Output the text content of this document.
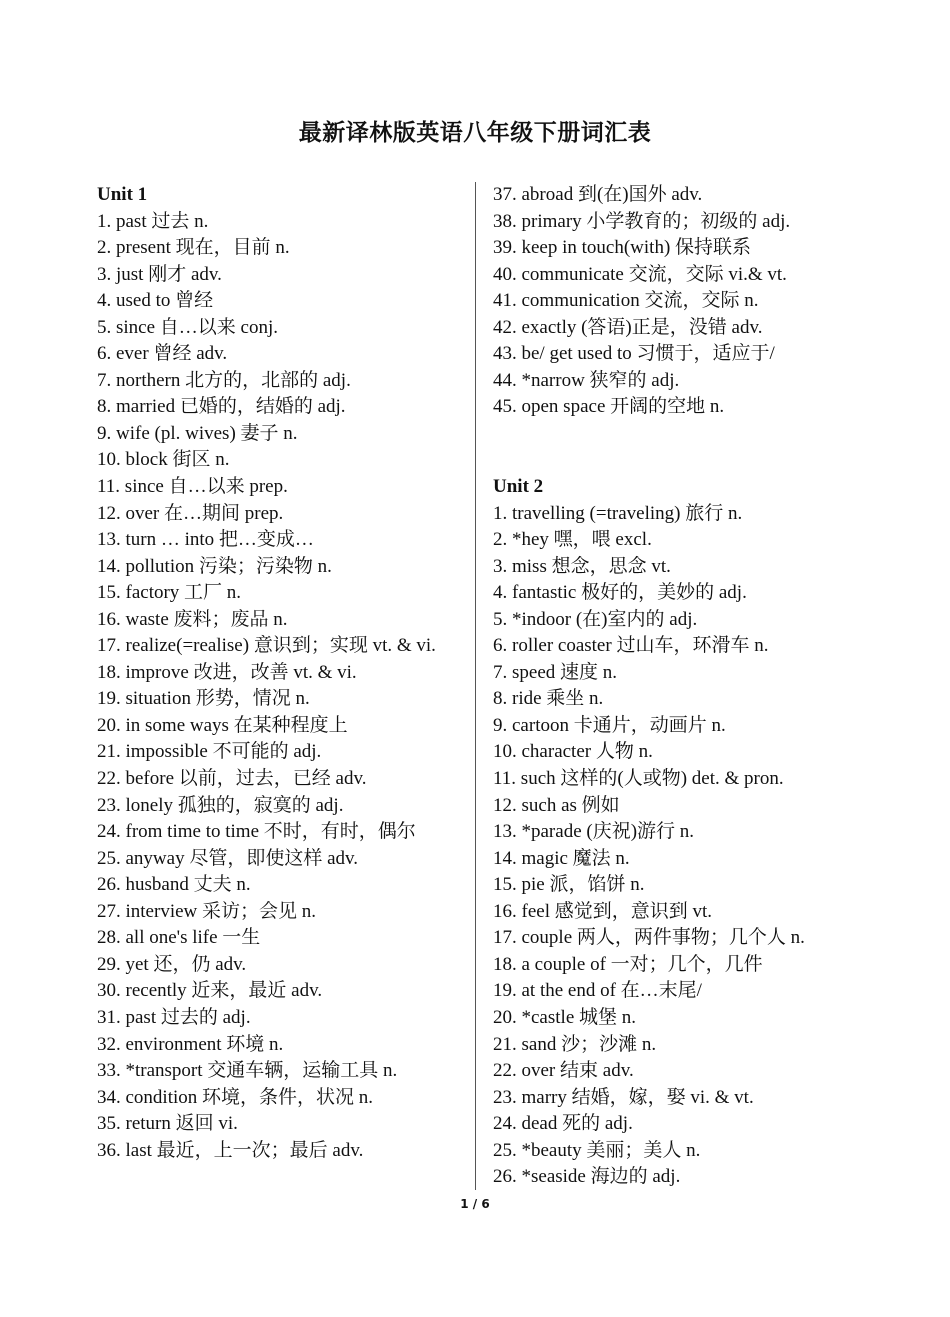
最新译林版英语八年级下册词汇表
Unit 1
1. past 过去 n.
2. present 现在，目前 n.
3. just 刚才 adv.
4. used to 曾经
5. since 自…以来 conj.
6. ever 曾经 adv.
7. northern 北方的，北部的 adj.
8. married 已婚的，结婚的 adj.
9. wife (pl. wives) 妻子 n.
10. block 街区 n.
11. since 自…以来 prep.
12. over 在…期间 prep.
13. turn … into 把…变成…
14. pollution 污染；污染物 n.
15. factory 工厂 n.
16. waste 废料；废品 n.
17. realize(=realise) 意识到；实现 vt. & vi.
18. improve 改进，改善 vt. & vi.
19. situation 形势，情况 n.
20. in some ways 在某种程度上
21. impossible 不可能的 adj.
22. before 以前，过去，已经 adv.
23. lonely 孤独的，寂寞的 adj.
24. from time to time 不时，有时，偶尔
25. anyway 尽管，即使这样 adv.
26. husband 丈夫 n.
27. interview 采访；会见 n.
28. all one's life 一生
29. yet 还，仍 adv.
30. recently 近来，最近 adv.
31. past 过去的 adj.
32. environment 环境 n.
33. *transport 交通车辆，运输工具 n.
34. condition 环境，条件，状况 n.
35. return 返回 vi.
36. last 最近，上一次；最后 adv.
37. abroad 到(在)国外 adv.
38. primary 小学教育的；初级的 adj.
39. keep in touch(with) 保持联系
40. communicate 交流，交际 vi.& vt.
41. communication 交流，交际 n.
42. exactly (答语)正是，没错 adv.
43. be/ get used to 习惯于，适应于/
44. *narrow 狭窄的 adj.
45. open space 开阔的空地 n.
Unit 2
1. travelling (=traveling) 旅行 n.
2. *hey 嘿，喂 excl.
3. miss 想念，思念 vt.
4. fantastic 极好的，美妙的 adj.
5. *indoor (在)室内的 adj.
6. roller coaster 过山车，环滑车 n.
7. speed 速度 n.
8. ride 乘坐 n.
9. cartoon 卡通片，动画片 n.
10. character 人物 n.
11. such 这样的(人或物) det. & pron.
12. such as 例如
13. *parade (庆祝)游行 n.
14. magic 魔法 n.
15. pie 派，馅饼 n.
16. feel 感觉到，意识到 vt.
17. couple 两人，两件事物；几个人 n.
18. a couple of 一对；几个，几件
19. at the end of 在…末尾/
20. *castle 城堡 n.
21. sand 沙；沙滩 n.
22. over 结束 adv.
23. marry 结婚，嫁，娶 vi. & vt.
24. dead 死的 adj.
25. *beauty 美丽；美人 n.
26. *seaside 海边的 adj.
1 / 6
